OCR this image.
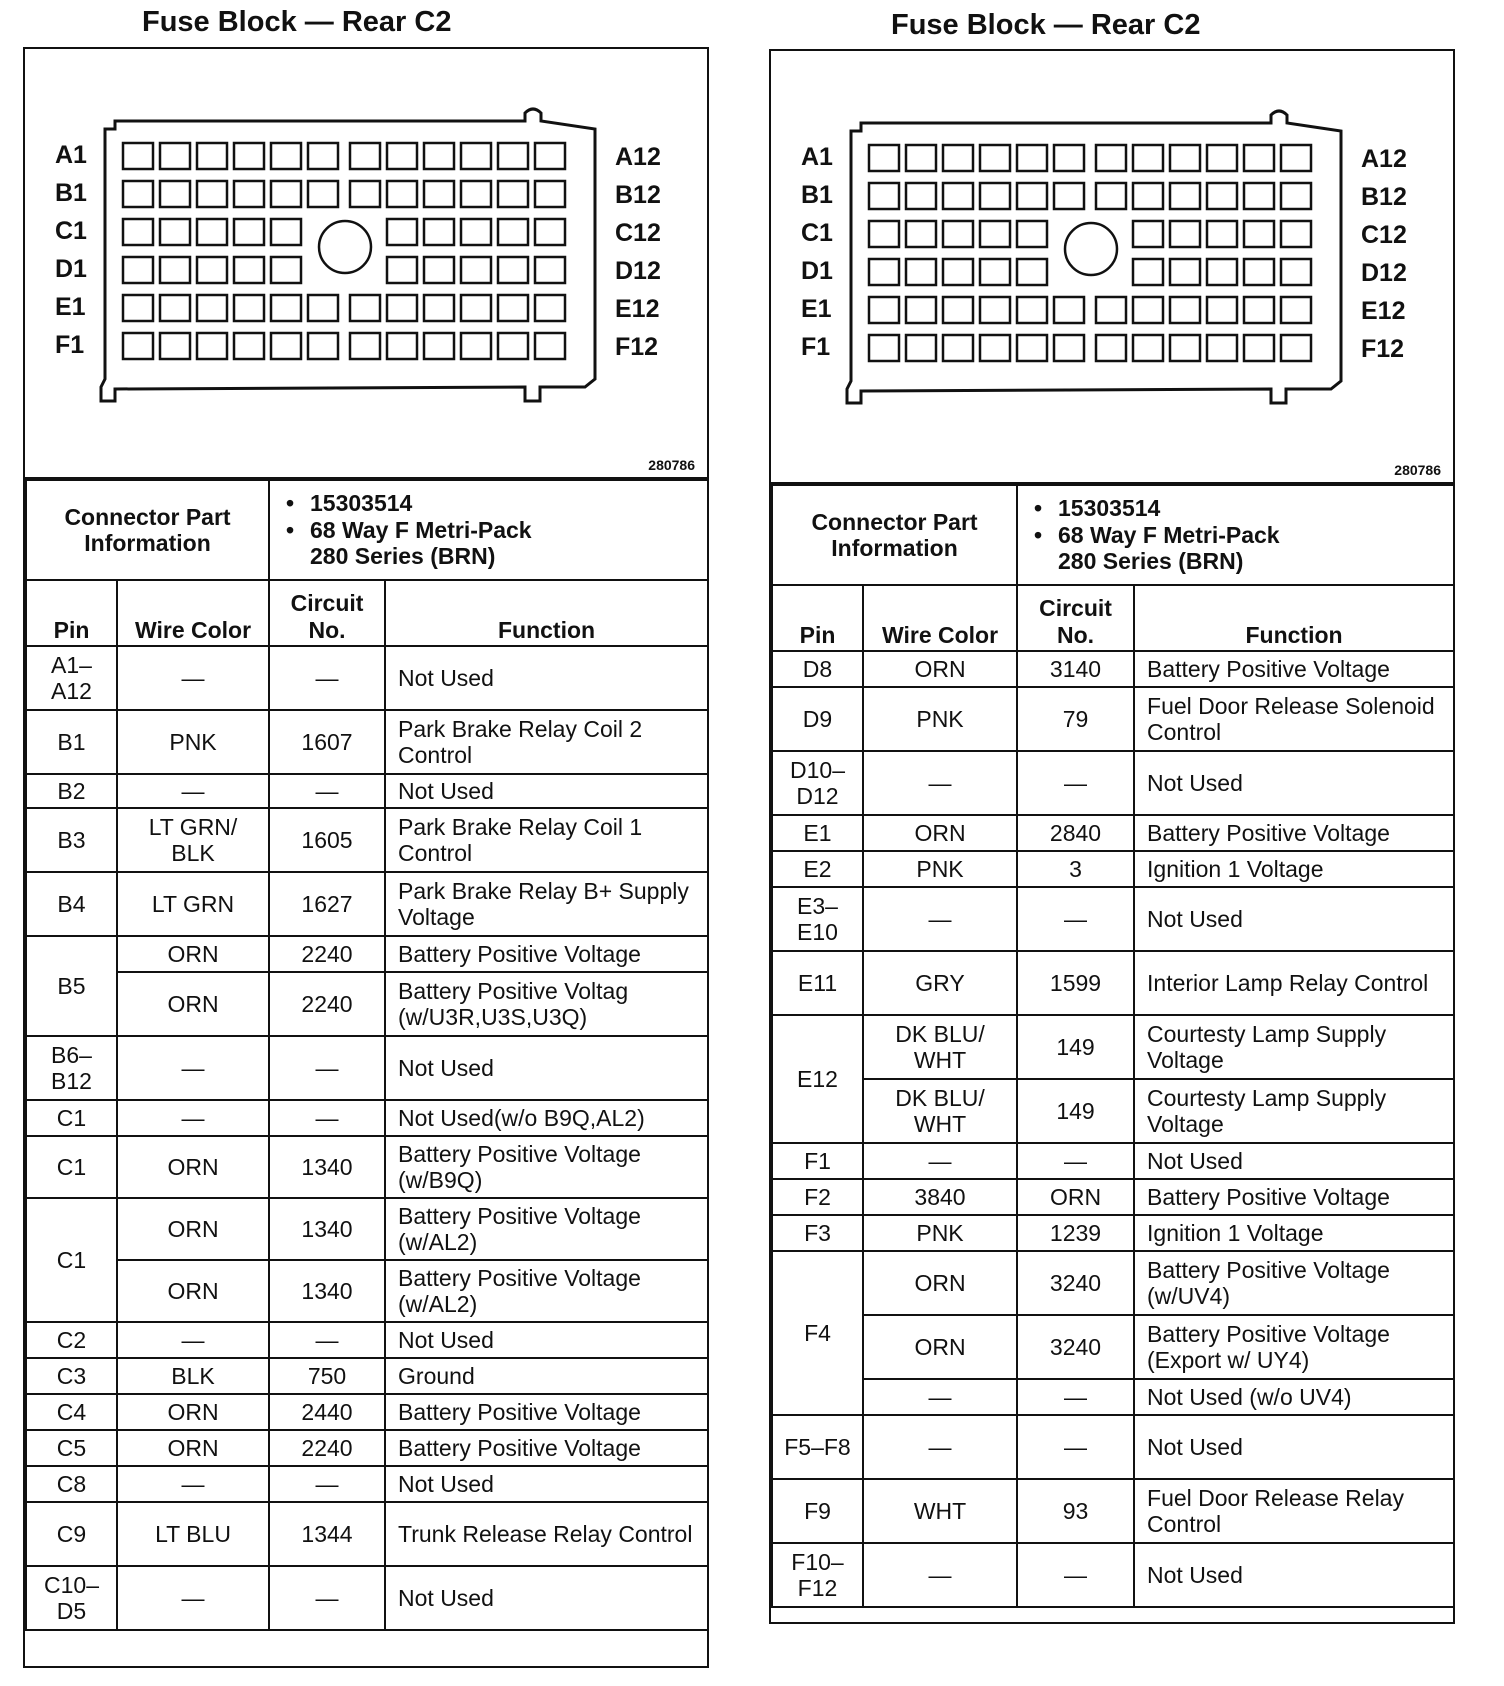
Fuse Block — Rear C2
A1
B1
C1
D1
E1
F1
A12
B12
C12
D12
E12
F12
280786
Connector Part Information		• 15303514
• 68 Way F Metri-Pack
280 Series (BRN)

Pin	Wire Color	Circuit No.	Function
A1–A12	—	—	Not Used
B1	PNK	1607	Park Brake Relay Coil 2 Control
B2	—	—	Not Used
B3	LT GRN/ BLK	1605	Park Brake Relay Coil 1 Control
B4	LT GRN	1627	Park Brake Relay B+ Supply Voltage
B5	ORN	2240	Battery Positive Voltage
	ORN	2240	Battery Positive Voltag (w/U3R,U3S,U3Q)
B6–B12	—	—	Not Used
C1	—	—	Not Used(w/o B9Q,AL2)
C1	ORN	1340	Battery Positive Voltage (w/B9Q)
C1	ORN	1340	Battery Positive Voltage (w/AL2)
	ORN	1340	Battery Positive Voltage (w/AL2)
C2	—	—	Not Used
C3	BLK	750	Ground
C4	ORN	2440	Battery Positive Voltage
C5	ORN	2240	Battery Positive Voltage
C8	—	—	Not Used
C9	LT BLU	1344	Trunk Release Relay Control
C10–D5	—	—	Not Used
Fuse Block — Rear C2
A1
B1
C1
D1
E1
F1
A12
B12
C12
D12
E12
F12
280786
Connector Part Information		• 15303514
• 68 Way F Metri-Pack
280 Series (BRN)

Pin	Wire Color	Circuit No.	Function
D8	ORN	3140	Battery Positive Voltage
D9	PNK	79	Fuel Door Release Solenoid Control
D10–D12	—	—	Not Used
E1	ORN	2840	Battery Positive Voltage
E2	PNK	3	Ignition 1 Voltage
E3–E10	—	—	Not Used
E11	GRY	1599	Interior Lamp Relay Control
E12	DK BLU/ WHT	149	Courtesty Lamp Supply Voltage
	DK BLU/ WHT	149	Courtesty Lamp Supply Voltage
F1	—	—	Not Used
F2	3840	ORN	Battery Positive Voltage
F3	PNK	1239	Ignition 1 Voltage
F4	ORN	3240	Battery Positive Voltage (w/UV4)
	ORN	3240	Battery Positive Voltage (Export w/ UY4)
	—	—	Not Used (w/o UV4)
F5–F8	—	—	Not Used
F9	WHT	93	Fuel Door Release Relay Control
F10–F12	—	—	Not Used
